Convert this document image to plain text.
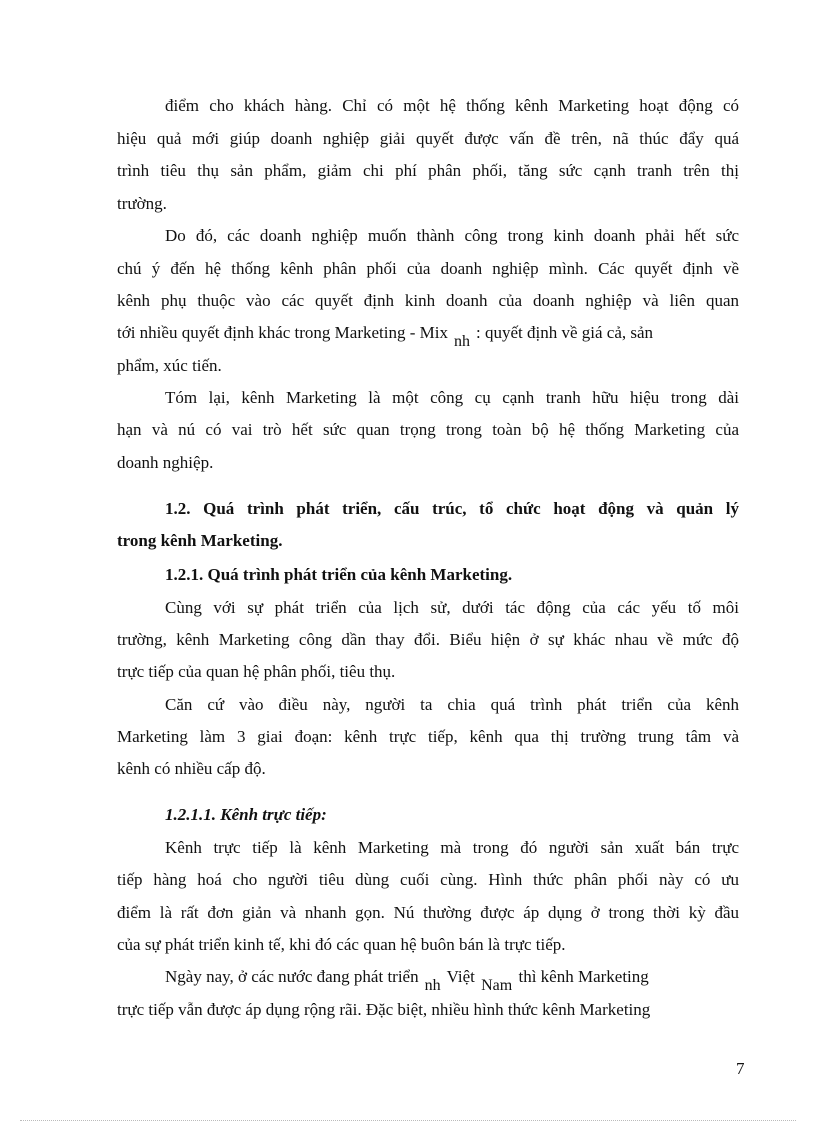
điểm cho khách hàng. Chỉ có một hệ thống kênh Marketing hoạt động có
hiệu quả mới giúp doanh nghiệp giải quyết được vấn đề trên, nã thúc đẩy quá
trình tiêu thụ sản phẩm, giảm chi phí phân phối, tăng sức cạnh tranh trên thị
trường.
Do đó, các doanh nghiệp muốn thành công trong kinh doanh phải hết sức
chú ý đến hệ thống kênh phân phối của doanh nghiệp mình. Các quyết định về
kênh phụ thuộc vào các quyết định kinh doanh của doanh nghiệp và liên quan
tới nhiều quyết định khác trong Marketing - Mix nh : quyết định về giá cả, sản
phẩm, xúc tiến.
Tóm lại, kênh Marketing là một công cụ cạnh tranh hữu hiệu trong dài
hạn và nú có vai trò hết sức quan trọng trong toàn bộ hệ thống Marketing của
doanh nghiệp.
1.2. Quá trình phát triển, cấu trúc, tổ chức hoạt động và quản lý
trong kênh Marketing.
1.2.1. Quá trình phát triển của kênh Marketing.
Cùng với sự phát triển của lịch sử, dưới tác động của các yếu tố môi
trường, kênh Marketing công dần thay đổi. Biểu hiện ở sự khác nhau về mức độ
trực tiếp của quan hệ phân phối, tiêu thụ.
Căn cứ vào điều này, người ta chia quá trình phát triển của kênh
Marketing làm 3 giai đoạn: kênh trực tiếp, kênh qua thị trường trung tâm và
kênh có nhiều cấp độ.
1.2.1.1. Kênh trực tiếp:
Kênh trực tiếp là kênh Marketing mà trong đó người sản xuất bán trực
tiếp hàng hoá cho người tiêu dùng cuối cùng. Hình thức phân phối này có ưu
điểm là rất đơn giản và nhanh gọn. Nú thường được áp dụng ở trong thời kỳ đầu
của sự phát triển kinh tế, khi đó các quan hệ buôn bán là trực tiếp.
Ngày nay, ở các nước đang phát triển nh Việt Nam thì kênh Marketing
trực tiếp vẫn được áp dụng rộng rãi. Đặc biệt, nhiều hình thức kênh Marketing
7
